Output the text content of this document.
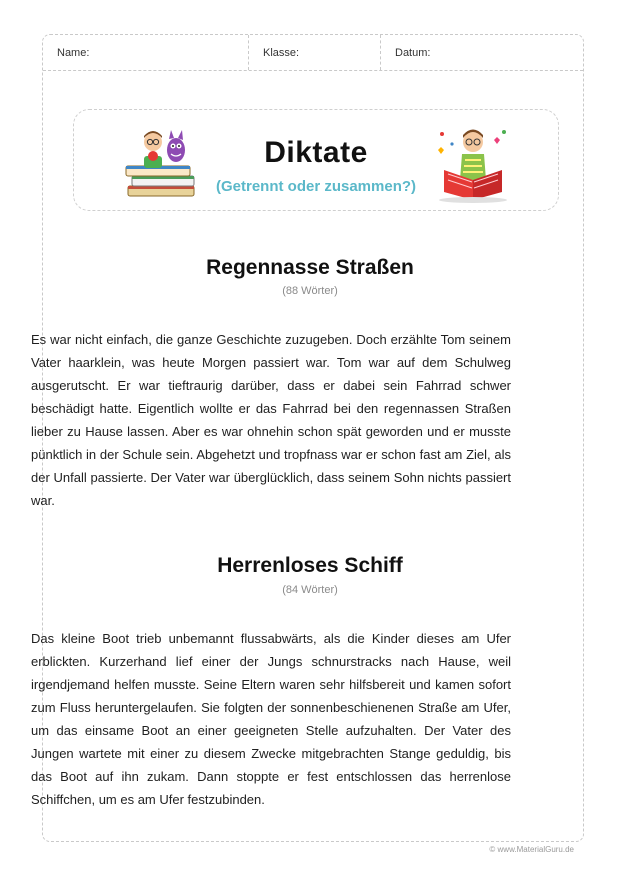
Name:	Klasse:	Datum:
Diktate
(Getrennt oder zusammen?)
Regennasse Straßen
(88 Wörter)

Es war nicht einfach, die ganze Geschichte zuzugeben. Doch erzählte Tom seinem Vater haarklein, was heute Morgen passiert war. Tom war auf dem Schulweg ausgerutscht. Er war tieftraurig darüber, dass er dabei sein Fahrrad schwer beschädigt hatte. Eigentlich wollte er das Fahrrad bei den regennassen Straßen lieber zu Hause lassen. Aber es war ohnehin schon spät geworden und er musste pünktlich in der Schule sein. Abgehetzt und tropfnass war er schon fast am Ziel, als der Unfall passierte. Der Vater war überglücklich, dass seinem Sohn nichts passiert war.

Herrenloses Schiff
(84 Wörter)

Das kleine Boot trieb unbemannt flussabwärts, als die Kinder dieses am Ufer erblickten. Kurzerhand lief einer der Jungs schnurstracks nach Hause, weil irgendjemand helfen musste. Seine Eltern waren sehr hilfsbereit und kamen sofort zum Fluss heruntergelaufen. Sie folgten der sonnenbeschienenen Straße am Ufer, um das einsame Boot an einer geeigneten Stelle aufzuhalten. Der Vater des Jungen wartete mit einer zu diesem Zwecke mitgebrachten Stange geduldig, bis das Boot auf ihn zukam. Dann stoppte er fest entschlossen das herrenlose Schiffchen, um es am Ufer festzubinden.

© www.MaterialGuru.de
